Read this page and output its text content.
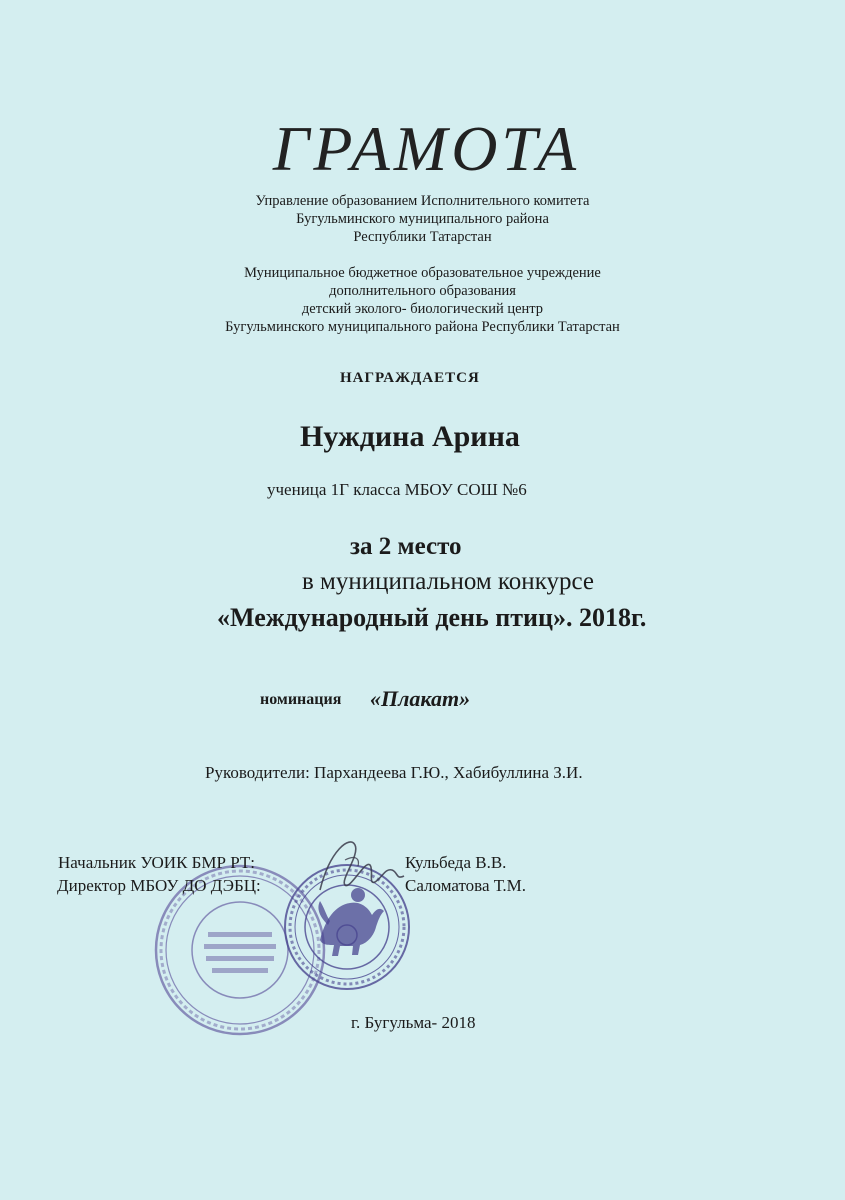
ГРАМОТА
Управление образованием Исполнительного комитета
Бугульминского муниципального района
Республики Татарстан
Муниципальное бюджетное образовательное учреждение
дополнительного образования
детский эколого- биологический центр
Бугульминского муниципального района Республики Татарстан
НАГРАЖДАЕТСЯ
Нуждина Арина
ученица 1Г класса МБОУ СОШ №6
за 2 место
в муниципальном конкурсе
«Международный день птиц». 2018г.
номинация «Плакат»
Руководители: Пархандеева Г.Ю., Хабибуллина З.И.
Начальник УОИК БМР РТ:	Кульбеда В.В.
Директор МБОУ ДО ДЭБЦ:	Саломатова Т.М.
г. Бугульма- 2018
